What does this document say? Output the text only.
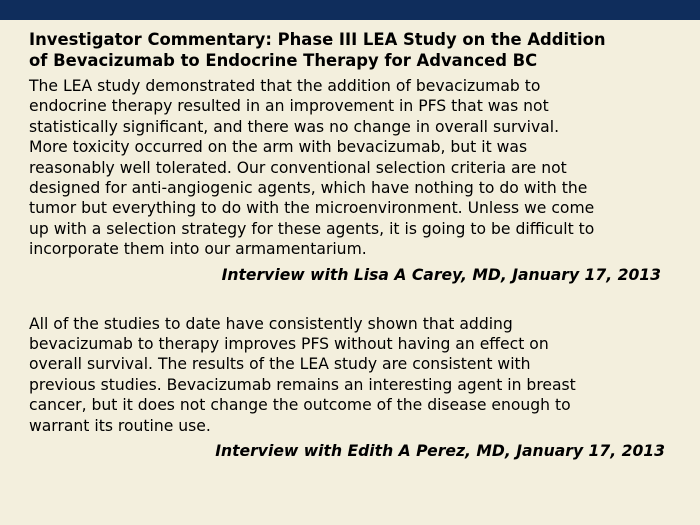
Investigator Commentary: Phase III LEA Study on the Addition
of Bevacizumab to Endocrine Therapy for Advanced BC

The LEA study demonstrated that the addition of bevacizumab to
endocrine therapy resulted in an improvement in PFS that was not
statistically significant, and there was no change in overall survival.
More toxicity occurred on the arm with bevacizumab, but it was
reasonably well tolerated. Our conventional selection criteria are not
designed for anti-angiogenic agents, which have nothing to do with the
tumor but everything to do with the microenvironment. Unless we come
up with a selection strategy for these agents, it is going to be difficult to
incorporate them into our armamentarium.

Interview with Lisa A Carey, MD, January 17, 2013

All of the studies to date have consistently shown that adding
bevacizumab to therapy improves PFS without having an effect on
overall survival. The results of the LEA study are consistent with
previous studies. Bevacizumab remains an interesting agent in breast
cancer, but it does not change the outcome of the disease enough to
warrant its routine use.

Interview with Edith A Perez, MD, January 17, 2013
